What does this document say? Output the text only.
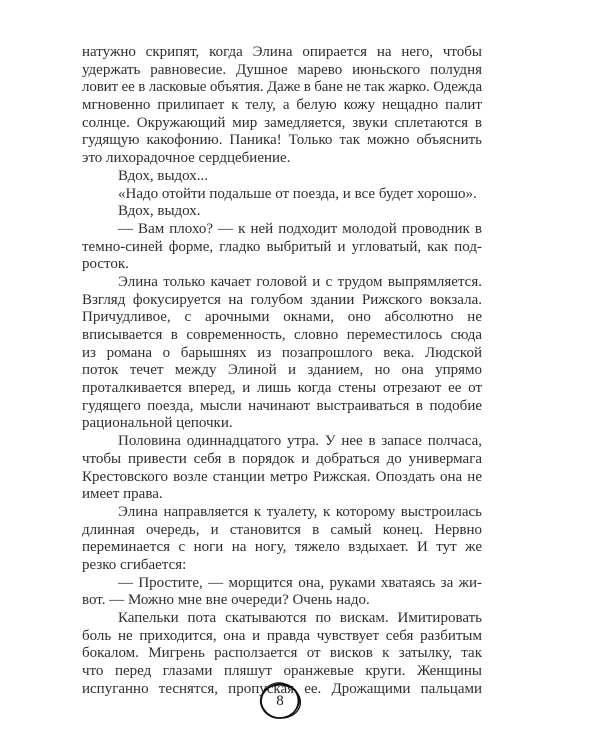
натужно скрипят, когда Элина опирается на него, чтобы
удержать равновесие. Душное марево июньского полудня
ловит ее в ласковые объятия. Даже в бане не так жарко. Одежда
мгновенно прилипает к телу, а белую кожу нещадно палит
солнце. Окружающий мир замедляется, звуки сплетаются в
гудящую какофонию. Паника! Только так можно объяснить
это лихорадочное сердцебиение.
Вдох, выдох...
«Надо отойти подальше от поезда, и все будет хорошо».
Вдох, выдох.
— Вам плохо? — к ней подходит молодой проводник в
темно-синей форме, гладко выбритый и угловатый, как под-
росток.
Элина только качает головой и с трудом выпрямляется.
Взгляд фокусируется на голубом здании Рижского вокзала.
Причудливое, с арочными окнами, оно абсолютно не
вписывается в современность, словно переместилось сюда
из романа о барышнях из позапрошлого века. Людской
поток течет между Элиной и зданием, но она упрямо
проталкивается вперед, и лишь когда стены отрезают ее от
гудящего поезда, мысли начинают выстраиваться в подобие
рациональной цепочки.
Половина одиннадцатого утра. У нее в запасе полчаса,
чтобы привести себя в порядок и добраться до универмага
Крестовского возле станции метро Рижская. Опоздать она не
имеет права.
Элина направляется к туалету, к которому выстроилась
длинная очередь, и становится в самый конец. Нервно
переминается с ноги на ногу, тяжело вздыхает. И тут же
резко сгибается:
— Простите, — морщится она, руками хватаясь за жи-
вот. — Можно мне вне очереди? Очень надо.
Капельки пота скатываются по вискам. Имитировать
боль не приходится, она и правда чувствует себя разбитым
бокалом. Мигрень расползается от висков к затылку, так
что перед глазами пляшут оранжевые круги. Женщины
испуганно теснятся, пропуская ее. Дрожащими пальцами
8
